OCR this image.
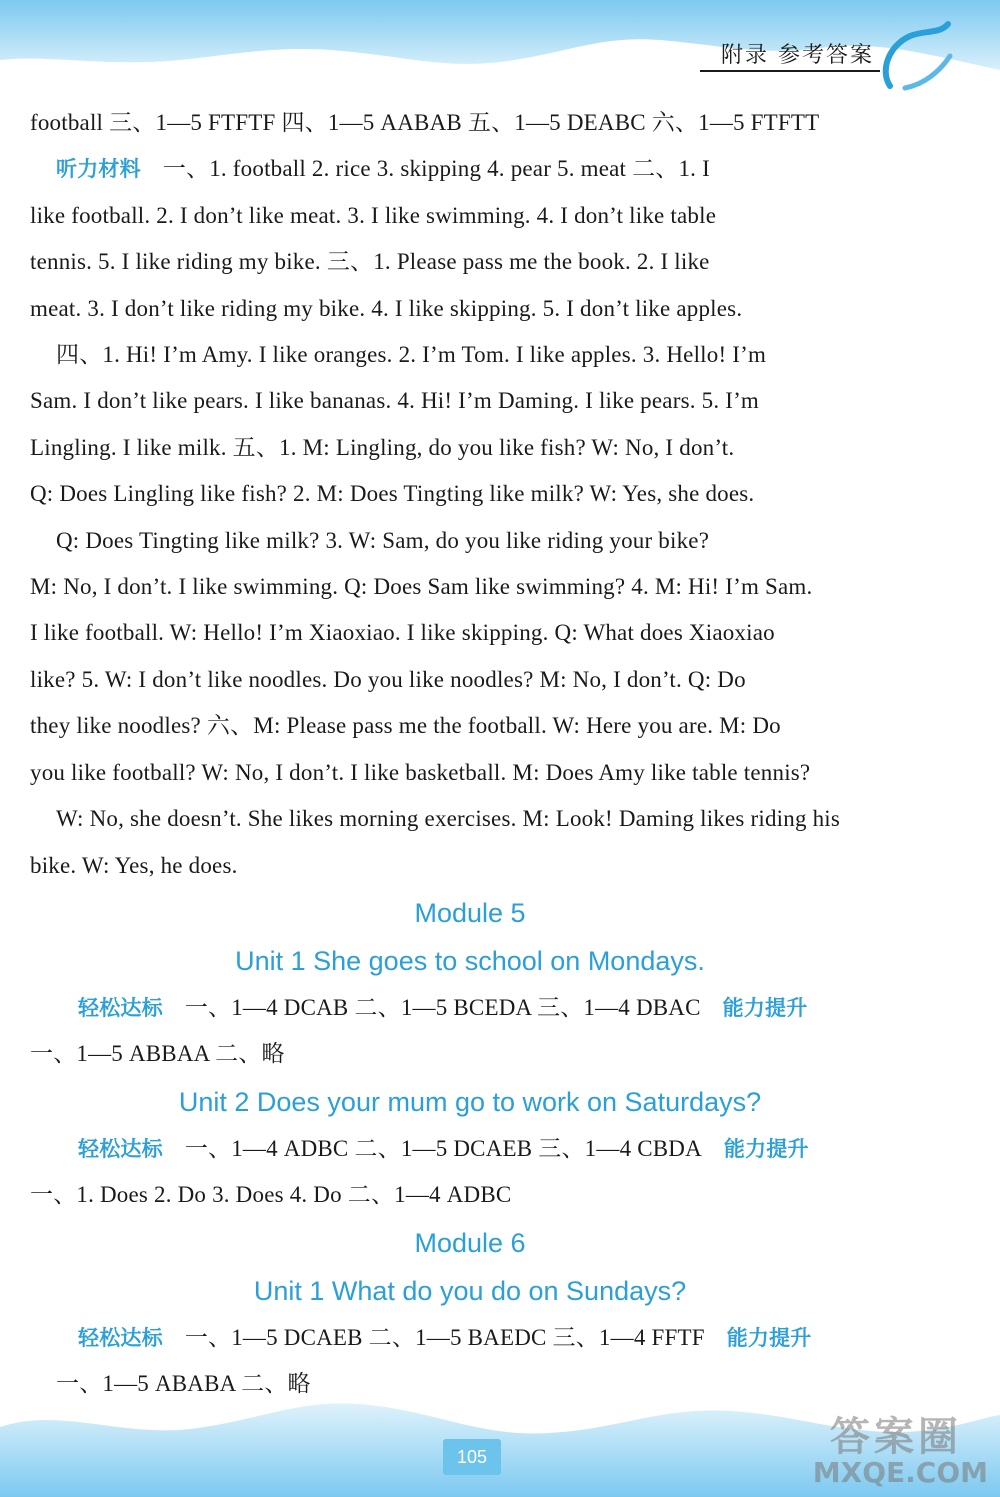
附录 参考答案
football 三、1—5 FTFTF 四、1—5 AABAB 五、1—5 DEABC 六、1—5 FTFTT
听力材料 一、1. football 2. rice 3. skipping 4. pear 5. meat 二、1. I
like football. 2. I don’t like meat. 3. I like swimming. 4. I don’t like table
tennis. 5. I like riding my bike. 三、1. Please pass me the book. 2. I like
meat. 3. I don’t like riding my bike. 4. I like skipping. 5. I don’t like apples.
四、1. Hi! I’m Amy. I like oranges. 2. I’m Tom. I like apples. 3. Hello! I’m
Sam. I don’t like pears. I like bananas. 4. Hi! I’m Daming. I like pears. 5. I’m
Lingling. I like milk. 五、1. M: Lingling, do you like fish? W: No, I don’t.
Q: Does Lingling like fish? 2. M: Does Tingting like milk? W: Yes, she does.
Q: Does Tingting like milk? 3. W: Sam, do you like riding your bike?
M: No, I don’t. I like swimming. Q: Does Sam like swimming? 4. M: Hi! I’m Sam.
I like football. W: Hello! I’m Xiaoxiao. I like skipping. Q: What does Xiaoxiao
like? 5. W: I don’t like noodles. Do you like noodles? M: No, I don’t. Q: Do
they like noodles? 六、M: Please pass me the football. W: Here you are. M: Do
you like football? W: No, I don’t. I like basketball. M: Does Amy like table tennis?
W: No, she doesn’t. She likes morning exercises. M: Look! Daming likes riding his
bike. W: Yes, he does.
Module 5
Unit 1 She goes to school on Mondays.
轻松达标 一、1—4 DCAB 二、1—5 BCEDA 三、1—4 DBAC 能力提升
一、1—5 ABBAA 二、略
Unit 2 Does your mum go to work on Saturdays?
轻松达标 一、1—4 ADBC 二、1—5 DCAEB 三、1—4 CBDA 能力提升
一、1. Does 2. Do 3. Does 4. Do 二、1—4 ADBC
Module 6
Unit 1 What do you do on Sundays?
轻松达标 一、1—5 DCAEB 二、1—5 BAEDC 三、1—4 FFTF 能力提升
一、1—5 ABABA 二、略
105	答案圈
MXQE.COM
